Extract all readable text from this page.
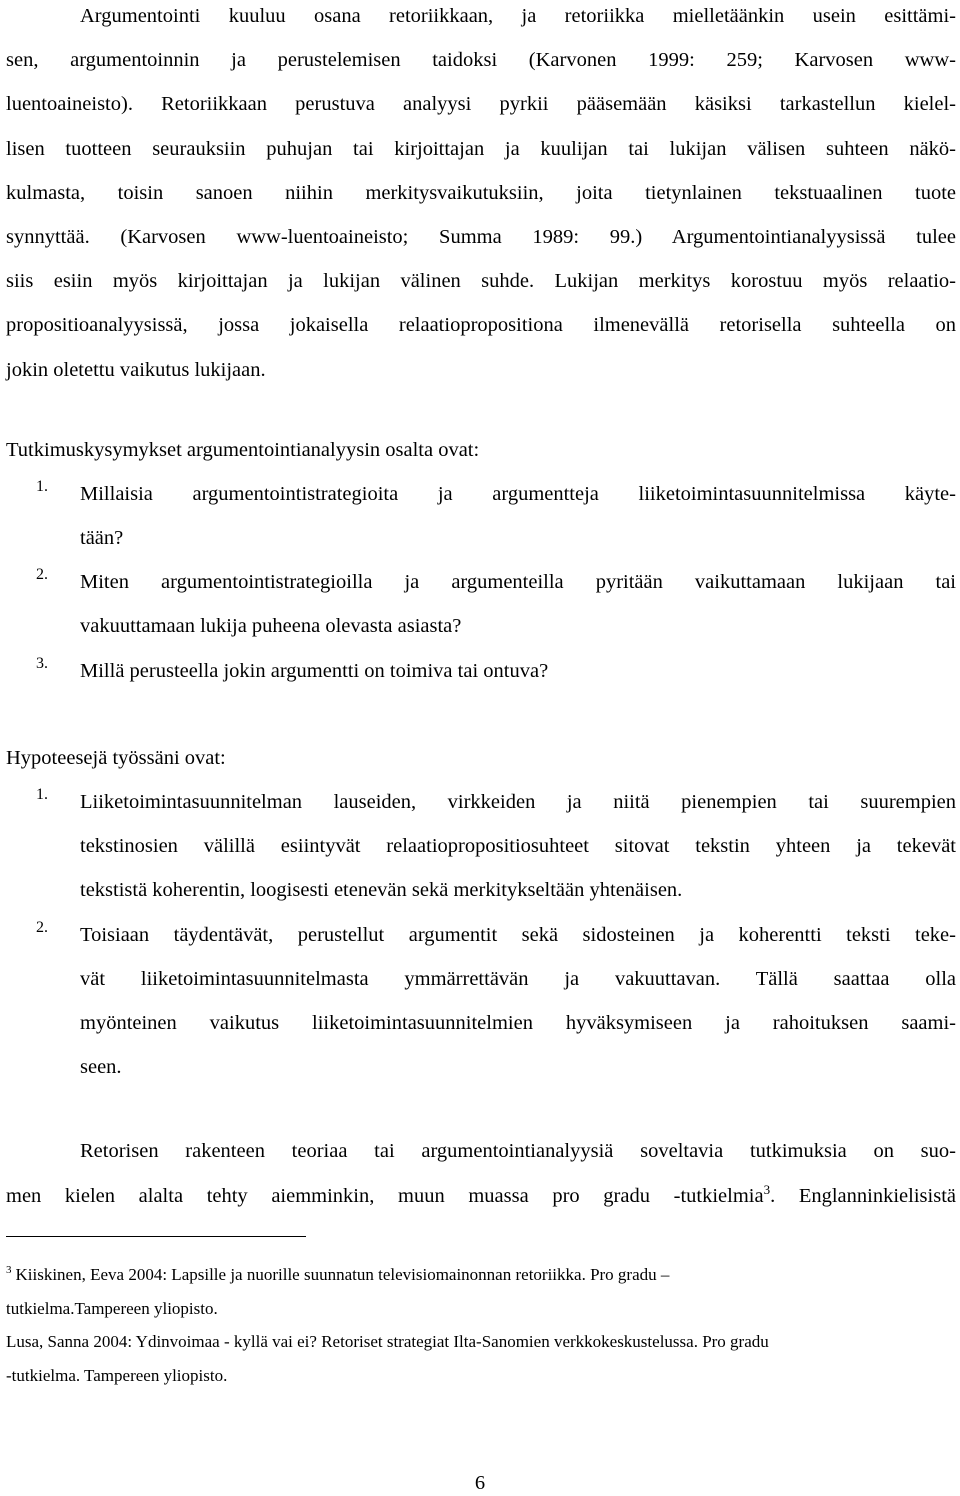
Argumentointi kuuluu osana retoriikkaan, ja retoriikka mielletäänkin usein esittämi-
sen, argumentoinnin ja perustelemisen taidoksi (Karvonen 1999: 259; Karvosen www-
luentoaineisto). Retoriikkaan perustuva analyysi pyrkii pääsemään käsiksi tarkastellun kielel-
lisen tuotteen seurauksiin puhujan tai kirjoittajan ja kuulijan tai lukijan välisen suhteen näkö-
kulmasta, toisin sanoen niihin merkitysvaikutuksiin, joita tietynlainen tekstuaalinen tuote
synnyttää. (Karvosen www-luentoaineisto; Summa 1989: 99.) Argumentointianalyysissä tulee
siis esiin myös kirjoittajan ja lukijan välinen suhde. Lukijan merkitys korostuu myös relaatio-
propositioanalyysissä, jossa jokaisella relaatiopropositiona ilmenevällä retorisella suhteella on
jokin oletettu vaikutus lukijaan.
Tutkimuskysymykset argumentointianalyysin osalta ovat:
1. Millaisia argumentointistrategioita ja argumentteja liiketoimintasuunnitelmissa käyte-
tään?
2. Miten argumentointistrategioilla ja argumenteilla pyritään vaikuttamaan lukijaan tai
vakuuttamaan lukija puheena olevasta asiasta?
3. Millä perusteella jokin argumentti on toimiva tai ontuva?
Hypoteesejä työssäni ovat:
1. Liiketoimintasuunnitelman lauseiden, virkkeiden ja niitä pienempien tai suurempien
tekstinosien välillä esiintyvät relaatiopropositiosuhteet sitovat tekstin yhteen ja tekevät
tekstistä koherentin, loogisesti etenevän sekä merkitykseltään yhtenäisen.
2. Toisiaan täydentävät, perustellut argumentit sekä sidosteinen ja koherentti teksti teke-
vät liiketoimintasuunnitelmasta ymmärrettävän ja vakuuttavan. Tällä saattaa olla
myönteinen vaikutus liiketoimintasuunnitelmien hyväksymiseen ja rahoituksen saami-
seen.
Retorisen rakenteen teoriaa tai argumentointianalyysiä soveltavia tutkimuksia on suo-
men kielen alalta tehty aiemminkin, muun muassa pro gradu -tutkielmia$^3$. Englanninkielisistä
$^3$ Kiiskinen, Eeva 2004: Lapsille ja nuorille suunnatun televisiomainonnan retoriikka. Pro gradu –
tutkielma.Tampereen yliopisto.
Lusa, Sanna 2004: Ydinvoimaa - kyllä vai ei? Retoriset strategiat Ilta-Sanomien verkkokeskustelussa. Pro gradu
-tutkielma. Tampereen yliopisto.
6
